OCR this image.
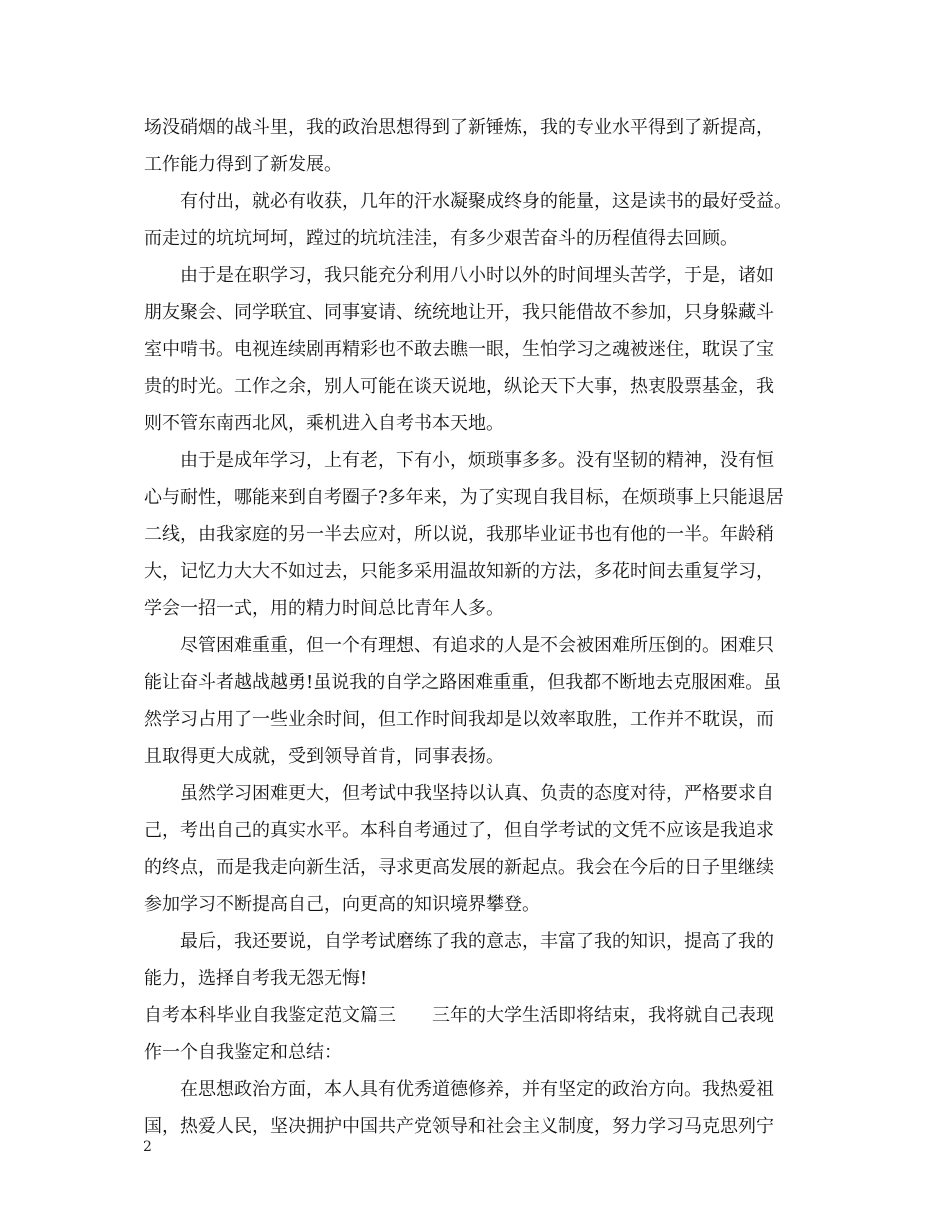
场没硝烟的战斗里，我的政治思想得到了新锤炼，我的专业水平得到了新提高，
工作能力得到了新发展。
有付出，就必有收获，几年的汗水凝聚成终身的能量，这是读书的最好受益。
而走过的坑坑坷坷，蹚过的坑坑洼洼，有多少艰苦奋斗的历程值得去回顾。
由于是在职学习，我只能充分利用八小时以外的时间埋头苦学，于是，诸如
朋友聚会、同学联宜、同事宴请、统统地让开，我只能借故不参加，只身躲藏斗
室中啃书。电视连续剧再精彩也不敢去瞧一眼，生怕学习之魂被迷住，耽误了宝
贵的时光。工作之余，别人可能在谈天说地，纵论天下大事，热衷股票基金，我
则不管东南西北风，乘机进入自考书本天地。
由于是成年学习，上有老，下有小，烦琐事多多。没有坚韧的精神，没有恒
心与耐性，哪能来到自考圈子?多年来，为了实现自我目标，在烦琐事上只能退居
二线，由我家庭的另一半去应对，所以说，我那毕业证书也有他的一半。年龄稍
大，记忆力大大不如过去，只能多采用温故知新的方法，多花时间去重复学习，
学会一招一式，用的精力时间总比青年人多。
尽管困难重重，但一个有理想、有追求的人是不会被困难所压倒的。困难只
能让奋斗者越战越勇!虽说我的自学之路困难重重，但我都不断地去克服困难。虽
然学习占用了一些业余时间，但工作时间我却是以效率取胜，工作并不耽误，而
且取得更大成就，受到领导首肯，同事表扬。
虽然学习困难更大，但考试中我坚持以认真、负责的态度对待，严格要求自
己，考出自己的真实水平。本科自考通过了，但自学考试的文凭不应该是我追求
的终点，而是我走向新生活，寻求更高发展的新起点。我会在今后的日子里继续
参加学习不断提高自己，向更高的知识境界攀登。
最后，我还要说，自学考试磨练了我的意志，丰富了我的知识，提高了我的
能力，选择自考我无怨无悔!
自考本科毕业自我鉴定范文篇三　　三年的大学生活即将结束，我将就自己表现
作一个自我鉴定和总结：
在思想政治方面，本人具有优秀道德修养，并有坚定的政治方向。我热爱祖
国，热爱人民，坚决拥护中国共产党领导和社会主义制度，努力学习马克思列宁
2
